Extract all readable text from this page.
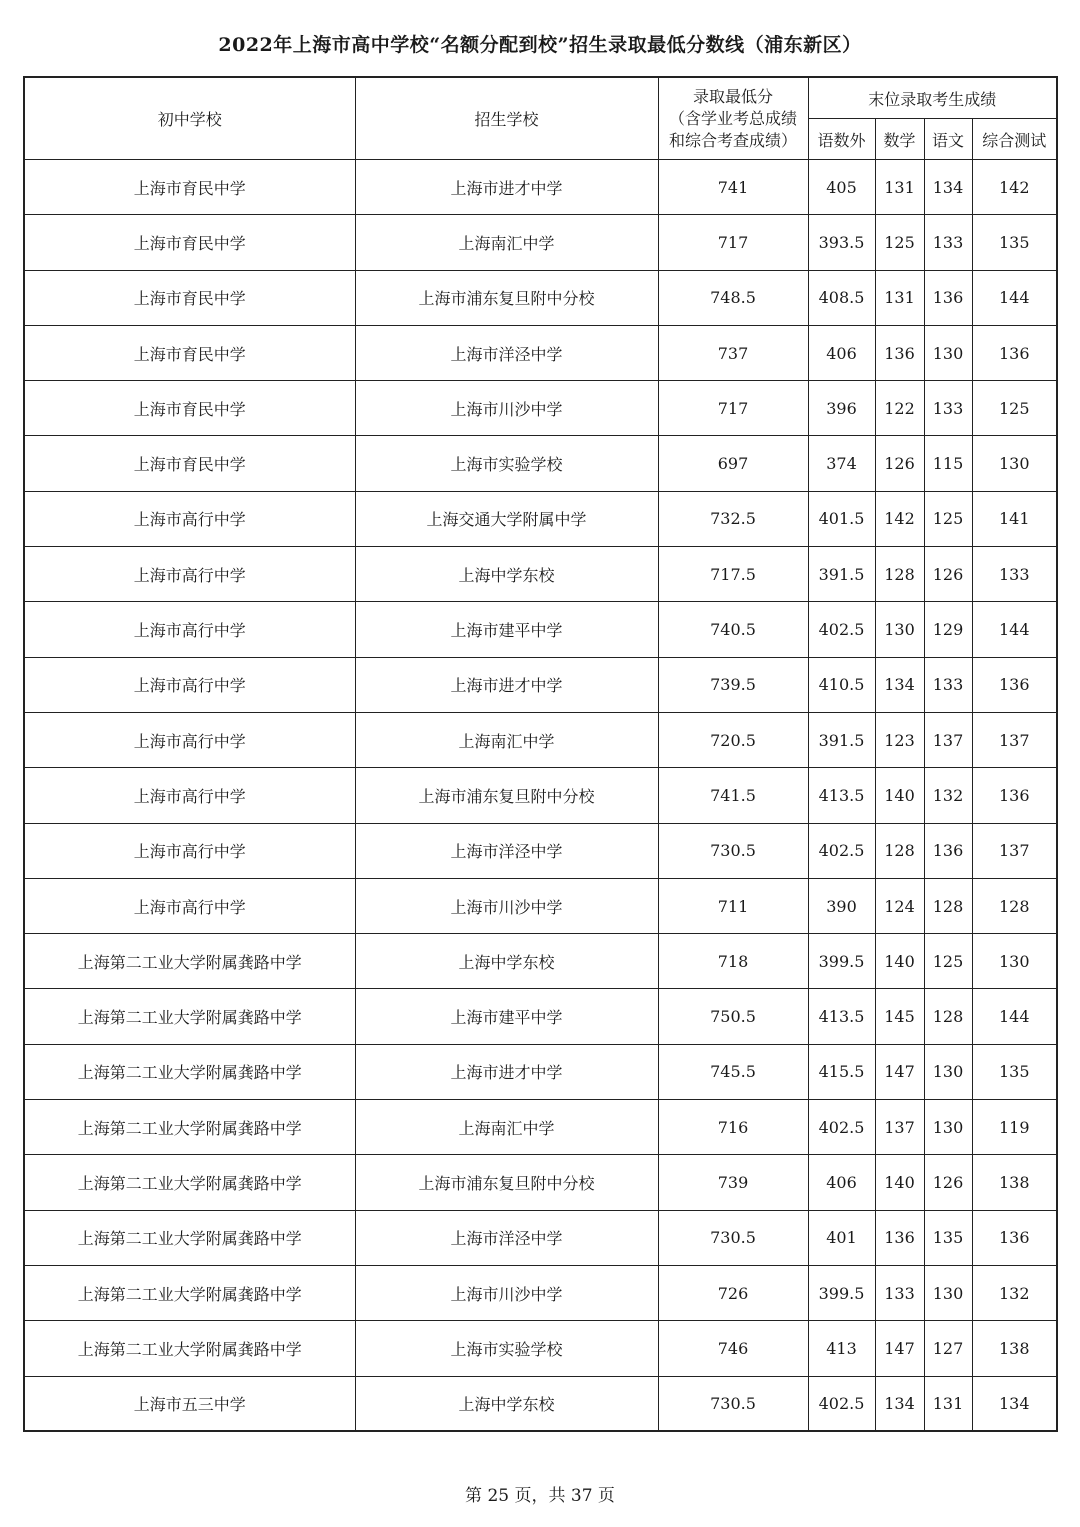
2022年上海市高中学校“名额分配到校”招生录取最低分数线（浦东新区）
初中学校	招生学校	录取最低分
（含学业考总成绩
和综合考查成绩）	末位录取考生成绩			
			语数外	数学	语文	综合测试
上海市育民中学	上海市进才中学	741	405	131	134	142
上海市育民中学	上海南汇中学	717	393.5	125	133	135
上海市育民中学	上海市浦东复旦附中分校	748.5	408.5	131	136	144
上海市育民中学	上海市洋泾中学	737	406	136	130	136
上海市育民中学	上海市川沙中学	717	396	122	133	125
上海市育民中学	上海市实验学校	697	374	126	115	130
上海市高行中学	上海交通大学附属中学	732.5	401.5	142	125	141
上海市高行中学	上海中学东校	717.5	391.5	128	126	133
上海市高行中学	上海市建平中学	740.5	402.5	130	129	144
上海市高行中学	上海市进才中学	739.5	410.5	134	133	136
上海市高行中学	上海南汇中学	720.5	391.5	123	137	137
上海市高行中学	上海市浦东复旦附中分校	741.5	413.5	140	132	136
上海市高行中学	上海市洋泾中学	730.5	402.5	128	136	137
上海市高行中学	上海市川沙中学	711	390	124	128	128
上海第二工业大学附属龚路中学	上海中学东校	718	399.5	140	125	130
上海第二工业大学附属龚路中学	上海市建平中学	750.5	413.5	145	128	144
上海第二工业大学附属龚路中学	上海市进才中学	745.5	415.5	147	130	135
上海第二工业大学附属龚路中学	上海南汇中学	716	402.5	137	130	119
上海第二工业大学附属龚路中学	上海市浦东复旦附中分校	739	406	140	126	138
上海第二工业大学附属龚路中学	上海市洋泾中学	730.5	401	136	135	136
上海第二工业大学附属龚路中学	上海市川沙中学	726	399.5	133	130	132
上海第二工业大学附属龚路中学	上海市实验学校	746	413	147	127	138
上海市五三中学	上海中学东校	730.5	402.5	134	131	134
第 25 页，共 37 页
